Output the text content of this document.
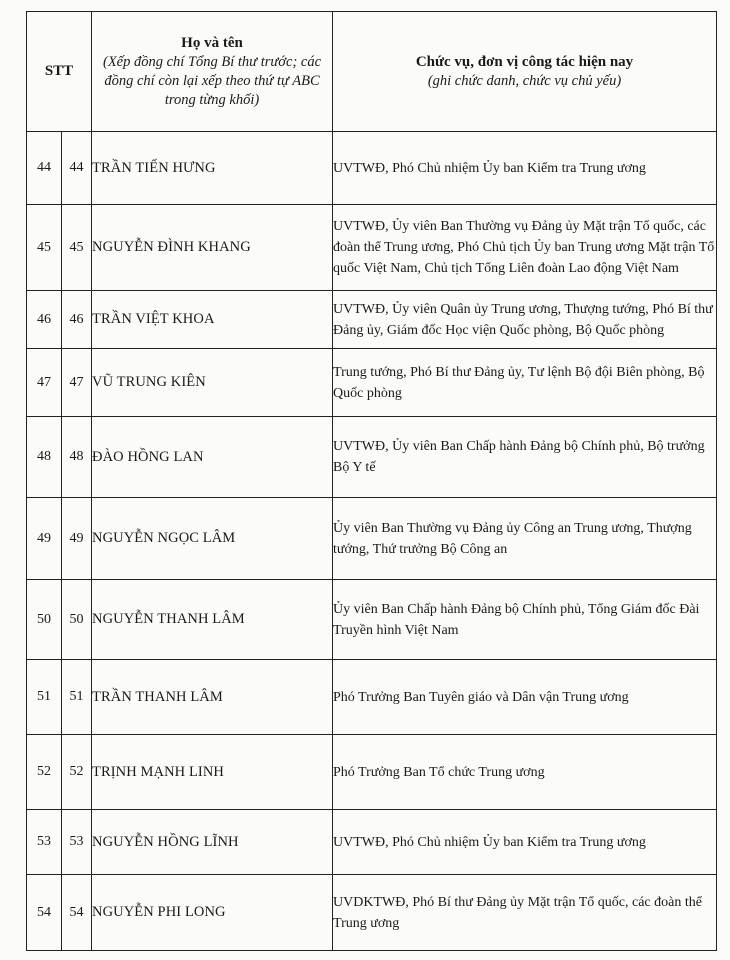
STT		Họ và tên
(Xếp đồng chí Tổng Bí thư trước; các đồng chí còn lại xếp theo thứ tự ABC trong từng khối)	Chức vụ, đơn vị công tác hiện nay
(ghi chức danh, chức vụ chủ yếu)

44	44	TRẦN TIẾN HƯNG	UVTWĐ, Phó Chủ nhiệm Ủy ban Kiểm tra Trung ương
45	45	NGUYỄN ĐÌNH KHANG	UVTWĐ, Ủy viên Ban Thường vụ Đảng ủy Mặt trận Tổ quốc, các đoàn thể Trung ương, Phó Chủ tịch Ủy ban Trung ương Mặt trận Tổ quốc Việt Nam, Chủ tịch Tổng Liên đoàn Lao động Việt Nam
46	46	TRẦN VIỆT KHOA	UVTWĐ, Ủy viên Quân ủy Trung ương, Thượng tướng, Phó Bí thư Đảng ủy, Giám đốc Học viện Quốc phòng, Bộ Quốc phòng
47	47	VŨ TRUNG KIÊN	Trung tướng, Phó Bí thư Đảng ủy, Tư lệnh Bộ đội Biên phòng, Bộ Quốc phòng
48	48	ĐÀO HỒNG LAN	UVTWĐ, Ủy viên Ban Chấp hành Đảng bộ Chính phủ, Bộ trưởng Bộ Y tế
49	49	NGUYỄN NGỌC LÂM	Ủy viên Ban Thường vụ Đảng ủy Công an Trung ương, Thượng tướng, Thứ trưởng Bộ Công an
50	50	NGUYỄN THANH LÂM	Ủy viên Ban Chấp hành Đảng bộ Chính phủ, Tổng Giám đốc Đài Truyền hình Việt Nam
51	51	TRẦN THANH LÂM	Phó Trưởng Ban Tuyên giáo và Dân vận Trung ương
52	52	TRỊNH MẠNH LINH	Phó Trưởng Ban Tổ chức Trung ương
53	53	NGUYỄN HỒNG LĨNH	UVTWĐ, Phó Chủ nhiệm Ủy ban Kiểm tra Trung ương
54	54	NGUYỄN PHI LONG	UVDKTWĐ, Phó Bí thư Đảng ủy Mặt trận Tổ quốc, các đoàn thể Trung ương
